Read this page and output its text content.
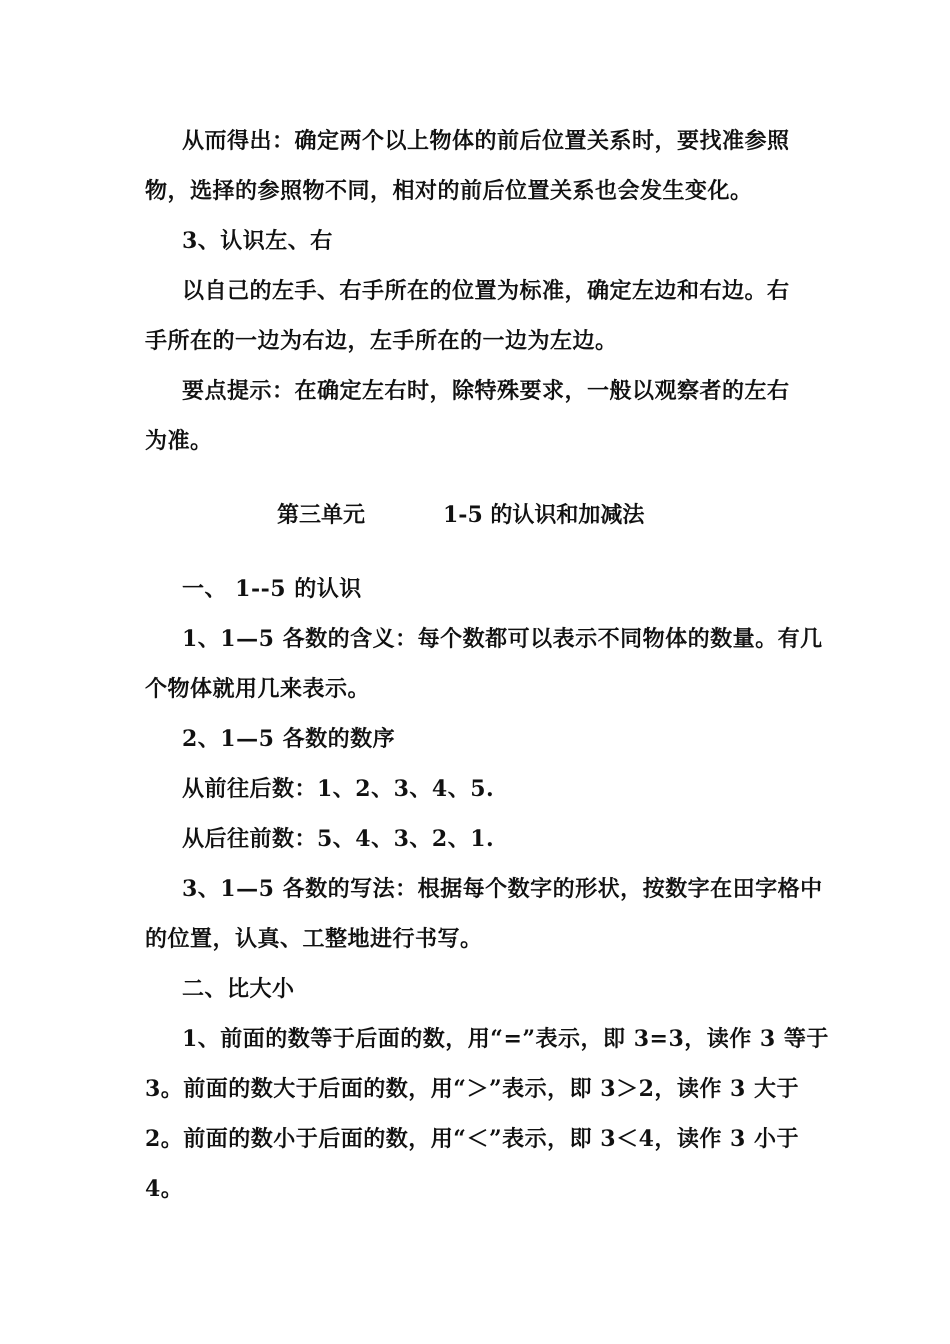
从而得出：确定两个以上物体的前后位置关系时，要找准参照
物，选择的参照物不同，相对的前后位置关系也会发生变化。
3、认识左、右
以自己的左手、右手所在的位置为标准，确定左边和右边。右
手所在的一边为右边，左手所在的一边为左边。
要点提示：在确定左右时，除特殊要求，一般以观察者的左右
为准。
第三单元	1-5 的认识和加减法
一、 1--5 的认识
1、1—5 各数的含义：每个数都可以表示不同物体的数量。有几
个物体就用几来表示。
2、1—5 各数的数序
从前往后数：1、2、3、4、5.
从后往前数：5、4、3、2、1.
3、1—5 各数的写法：根据每个数字的形状，按数字在田字格中
的位置，认真、工整地进行书写。
二、比大小
1、前面的数等于后面的数，用“=”表示，即 3=3，读作 3 等于
3。前面的数大于后面的数，用“＞”表示，即 3＞2，读作 3 大于
2。前面的数小于后面的数，用“＜”表示，即 3＜4，读作 3 小于
4。
